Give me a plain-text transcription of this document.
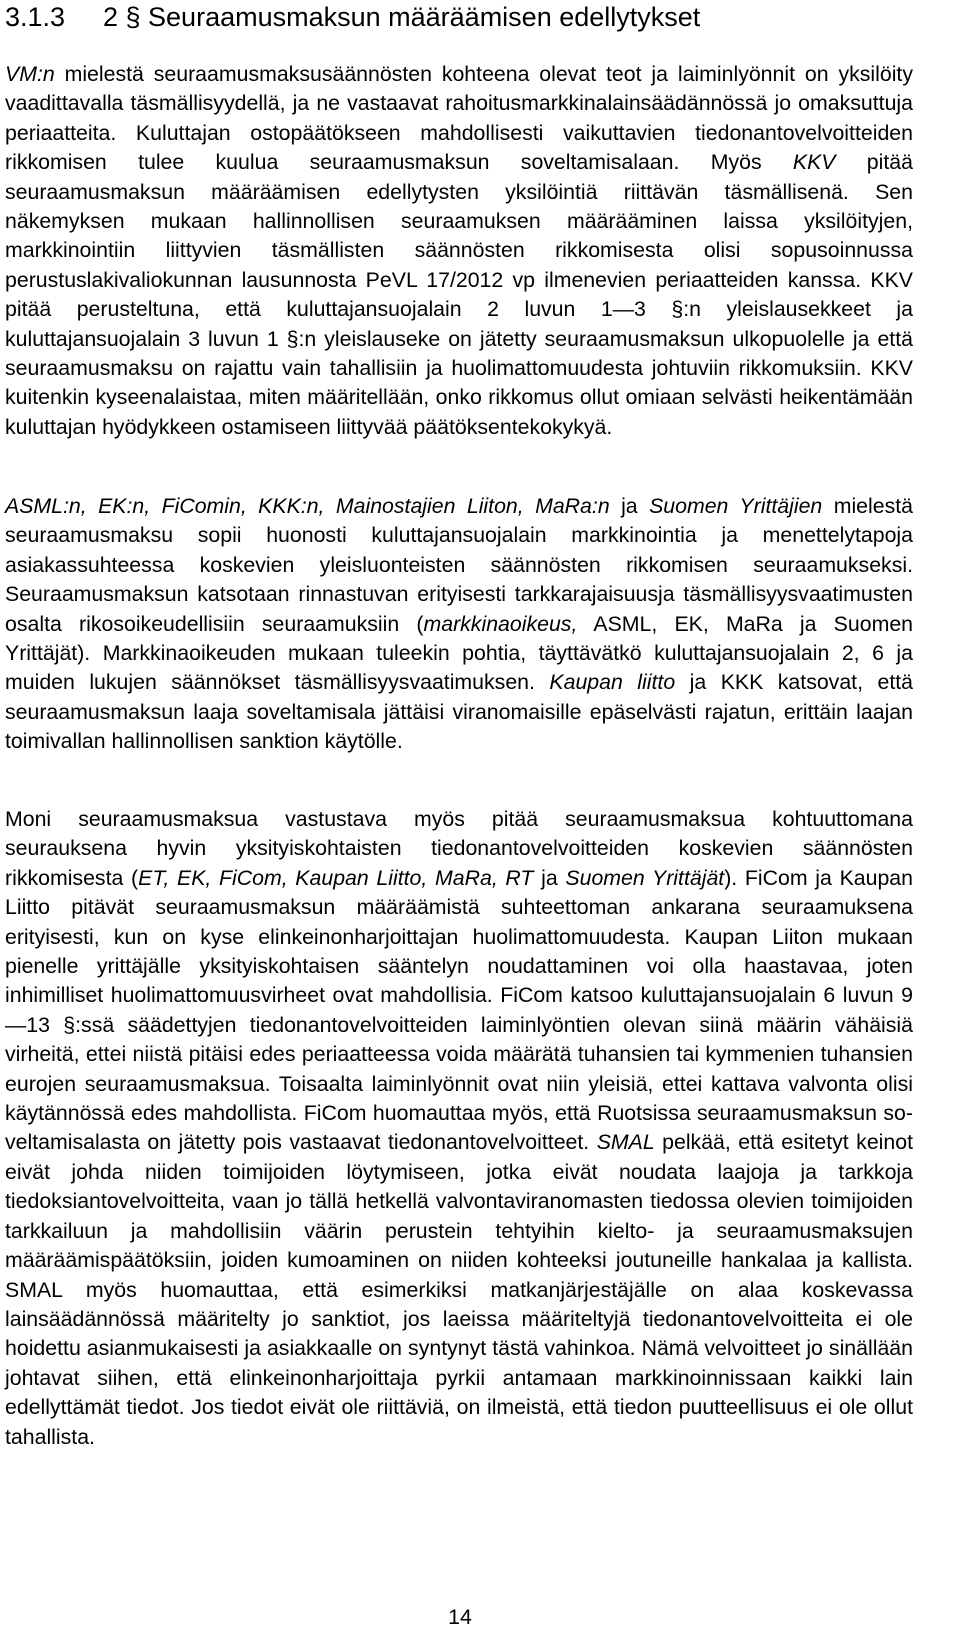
3.1.3 2 § Seuraamusmaksun määräämisen edellytykset
VM:n mielestä seuraamusmaksusäännösten kohteena olevat teot ja laiminlyönnit on yksilöity vaadittavalla täsmällisyydellä, ja ne vastaavat rahoitusmarkkinalainsäädännössä jo omaksuttuja periaatteita. Kuluttajan ostopäätökseen mahdollisesti vaikuttavien tiedonantovelvoitteiden rikkomisen tulee kuulua seuraamusmaksun soveltamisalaan. Myös KKV pitää seuraamusmaksun määräämisen edellytysten yksilöintiä riittävän täsmällisenä. Sen näkemyksen mukaan hallinnollisen seuraamuksen määrääminen laissa yksilöityjen, markkinointiin liittyvien täsmällisten säännösten rikkomisesta olisi sopusoinnussa perustuslakivaliokunnan lausunnosta PeVL 17/2012 vp ilmenevien periaatteiden kanssa. KKV pitää perusteltuna, että kuluttajansuojalain 2 luvun 1—3 §:n yleislausekkeet ja kuluttajansuojalain 3 luvun 1 §:n yleislauseke on jätetty seuraamusmaksun ulkopuolelle ja että seuraamusmaksu on rajattu vain tahallisiin ja huolimattomuudesta johtuviin rikkomuksiin. KKV kuitenkin kyseenalaistaa, miten määritellään, onko rikkomus ollut omiaan selvästi heikentämään kuluttajan hyödykkeen ostamiseen liittyvää päätöksentekokykyä.
ASML:n, EK:n, FiComin, KKK:n, Mainostajien Liiton, MaRa:n ja Suomen Yrittäjien mielestä seuraamusmaksu sopii huonosti kuluttajansuojalain markkinointia ja menettelytapoja asiakassuhteessa koskevien yleisluonteisten säännösten rikkomisen seuraamukseksi. Seuraamusmaksun katsotaan rinnastuvan erityisesti tarkkarajaisuusja täsmällisyysvaatimusten osalta rikosoikeudellisiin seuraamuksiin (markkinaoikeus, ASML, EK, MaRa ja Suomen Yrittäjät). Markkinaoikeuden mukaan tuleekin pohtia, täyttävätkö kuluttajansuojalain 2, 6 ja muiden lukujen säännökset täsmällisyysvaatimuksen. Kaupan liitto ja KKK katsovat, että seuraamusmaksun laaja soveltamisala jättäisi viranomaisille epäselvästi rajatun, erittäin laajan toimivallan hallinnollisen sanktion käytölle.
Moni seuraamusmaksua vastustava myös pitää seuraamusmaksua kohtuuttomana seurauksena hyvin yksityiskohtaisten tiedonantovelvoitteiden koskevien säännösten rikkomisesta (ET, EK, FiCom, Kaupan Liitto, MaRa, RT ja Suomen Yrittäjät). FiCom ja Kaupan Liitto pitävät seuraamusmaksun määräämistä suhteettoman ankarana seuraamuksena erityisesti, kun on kyse elinkeinonharjoittajan huolimattomuudesta. Kaupan Liiton mukaan pienelle yrittäjälle yksityiskohtaisen sääntelyn noudattaminen voi olla haastavaa, joten inhimilliset huolimattomuusvirheet ovat mahdollisia. FiCom katsoo kuluttajansuojalain 6 luvun 9—13 §:ssä säädettyjen tiedonantovelvoitteiden laiminlyöntien olevan siinä määrin vähäisiä virheitä, ettei niistä pitäisi edes periaatteessa voida määrätä tuhansien tai kymmenien tuhansien eurojen seuraamusmaksua. Toisaalta laiminlyönnit ovat niin yleisiä, ettei kattava valvonta olisi käytännössä edes mahdollista. FiCom huomauttaa myös, että Ruotsissa seuraamusmaksun soveltamisalasta on jätetty pois vastaavat tiedonantovelvoitteet. SMAL pelkää, että esitetyt keinot eivät johda niiden toimijoiden löytymiseen, jotka eivät noudata laajoja ja tarkkoja tiedoksiantovelvoitteita, vaan jo tällä hetkellä valvontaviranomasten tiedossa olevien toimijoiden tarkkailuun ja mahdollisiin väärin perustein tehtyihin kielto- ja seuraamusmaksujen määräämispäätöksiin, joiden kumoaminen on niiden kohteeksi joutuneille hankalaa ja kallista. SMAL myös huomauttaa, että esimerkiksi matkanjärjestäjälle on alaa koskevassa lainsäädännössä määritelty jo sanktiot, jos laeissa määriteltyjä tiedonantovelvoitteita ei ole hoidettu asianmukaisesti ja asiakkaalle on syntynyt tästä vahinkoa. Nämä velvoitteet jo sinällään johtavat siihen, että elinkeinonharjoittaja pyrkii antamaan markkinoinnissaan kaikki lain edellyttämät tiedot. Jos tiedot eivät ole riittäviä, on ilmeistä, että tiedon puutteellisuus ei ole ollut tahallista.
14
